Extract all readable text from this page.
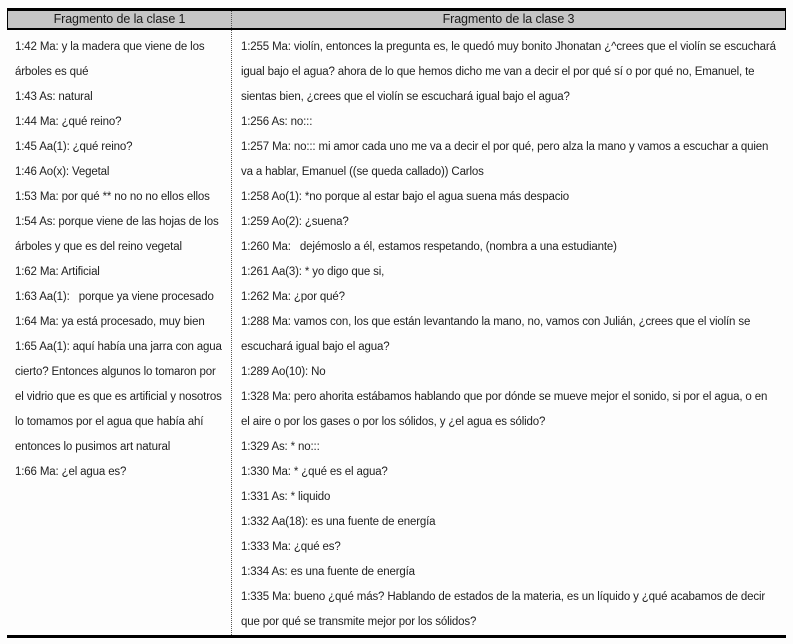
Fragmento de la clase 1	Fragmento de la clase 3

1:42 Ma: y la madera que viene de los árboles es qué

1:43 As: natural

1:44 Ma: ¿qué reino?

1:45 Aa(1): ¿qué reino?

1:46 Ao(x): Vegetal

1:53 Ma: por qué ** no no no ellos ellos

1:54 As: porque viene de las hojas de los árboles y que es del reino vegetal

1:62 Ma: Artificial

1:63 Aa(1):   porque ya viene procesado

1:64 Ma: ya está procesado, muy bien

1:65 Aa(1): aquí había una jarra con agua cierto? Entonces algunos lo tomaron por el vidrio que es que es artificial y nosotros lo tomamos por el agua que había ahí entonces lo pusimos art natural

1:66 Ma: ¿el agua es?

1:255 Ma: violín, entonces la pregunta es, le quedó muy bonito Jhonatan ¿^crees que el violín se escuchará igual bajo el agua? ahora de lo que hemos dicho me van a decir el por qué sí o por qué no, Emanuel, te sientas bien, ¿crees que el violín se escuchará igual bajo el agua?

1:256 As: no:::

1:257 Ma: no::: mi amor cada uno me va a decir el por qué, pero alza la mano y vamos a escuchar a quien va a hablar, Emanuel ((se queda callado)) Carlos

1:258 Ao(1): *no porque al estar bajo el agua suena más despacio

1:259 Ao(2): ¿suena?

1:260 Ma:   dejémoslo a él, estamos respetando, (nombra a una estudiante)

1:261 Aa(3): * yo digo que si,

1:262 Ma: ¿por qué?

1:288 Ma: vamos con, los que están levantando la mano, no, vamos con Julián, ¿crees que el violín se escuchará igual bajo el agua?

1:289 Ao(10): No

1:328 Ma: pero ahorita estábamos hablando que por dónde se mueve mejor el sonido, si por el agua, o en el aire o por los gases o por los sólidos, y ¿el agua es sólido?

1:329 As: * no:::

1:330 Ma: * ¿qué es el agua?

1:331 As: * liquido

1:332 Aa(18): es una fuente de energía

1:333 Ma: ¿qué es?

1:334 As: es una fuente de energía

1:335 Ma: bueno ¿qué más? Hablando de estados de la materia, es un líquido y ¿qué acabamos de decir que por qué se transmite mejor por los sólidos?
